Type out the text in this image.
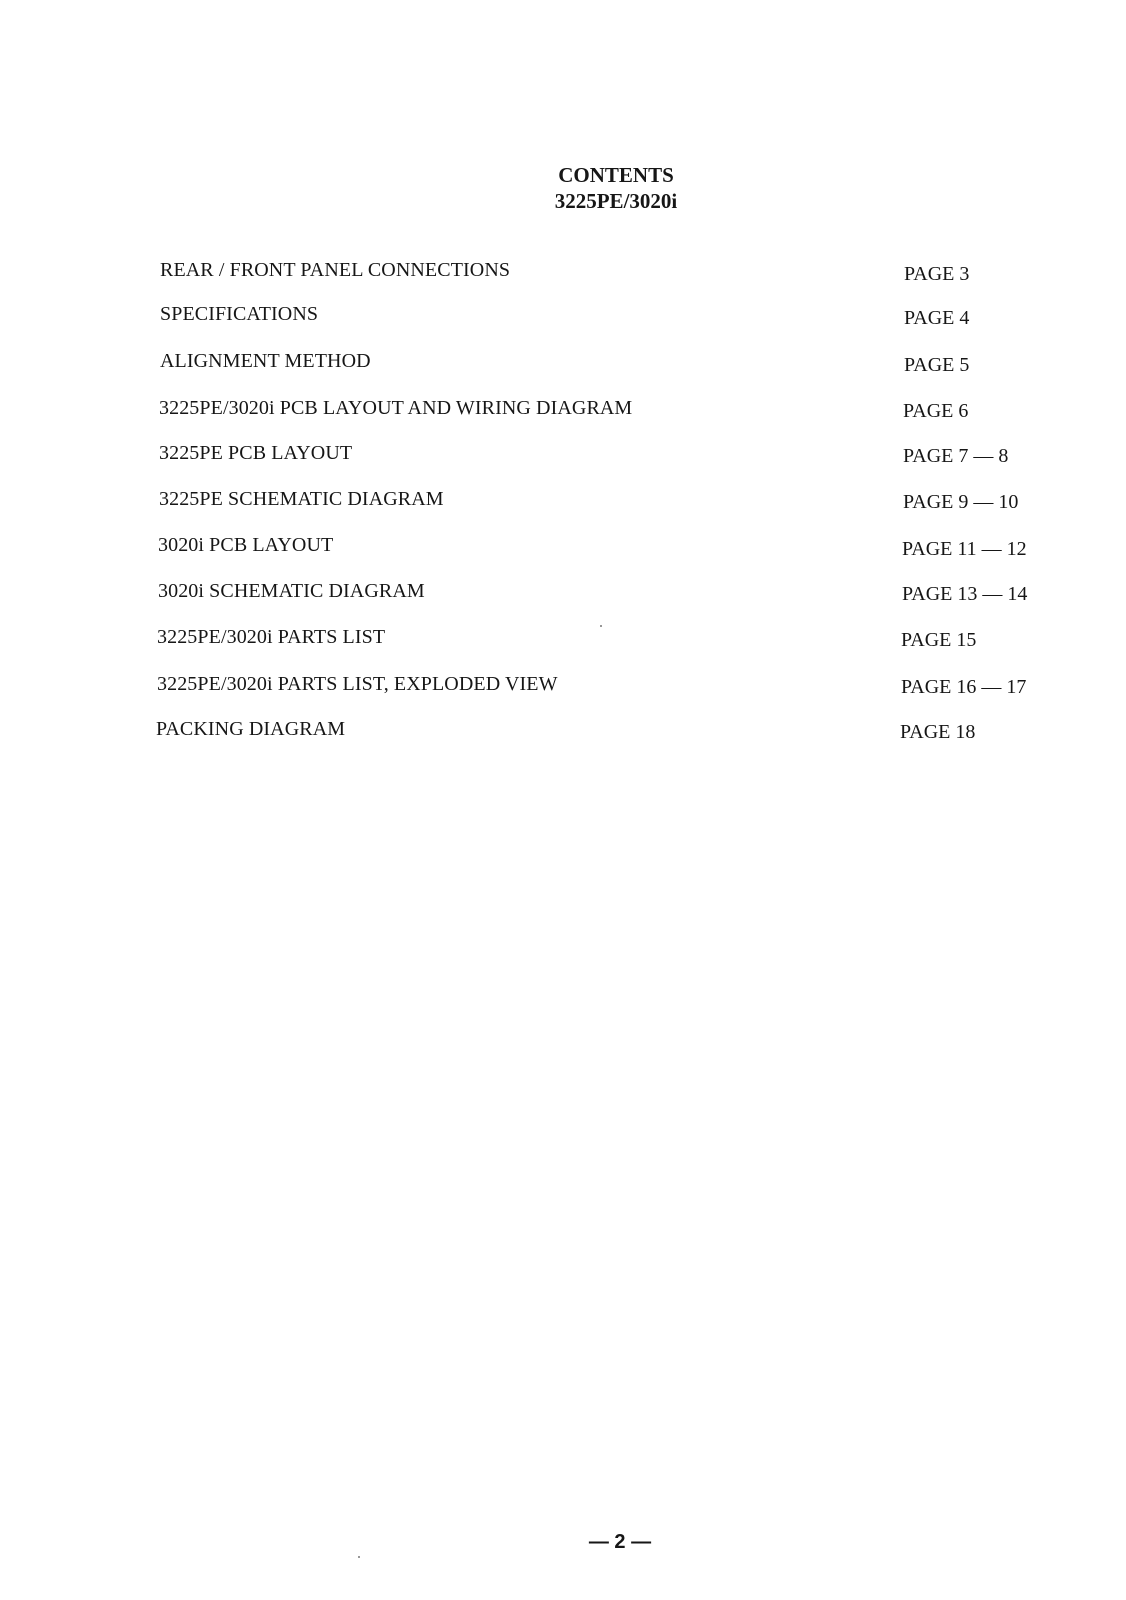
CONTENTS
3225PE/3020i
REAR / FRONT PANEL CONNECTIONS	PAGE 3
SPECIFICATIONS	PAGE 4
ALIGNMENT METHOD	PAGE 5
3225PE/3020i PCB LAYOUT AND WIRING DIAGRAM	PAGE 6
3225PE PCB LAYOUT	PAGE 7 — 8
3225PE SCHEMATIC DIAGRAM	PAGE 9 — 10
3020i PCB LAYOUT	PAGE 11 — 12
3020i SCHEMATIC DIAGRAM	PAGE 13 — 14
3225PE/3020i PARTS LIST	PAGE 15
3225PE/3020i PARTS LIST, EXPLODED VIEW	PAGE 16 — 17
PACKING DIAGRAM	PAGE 18
— 2 —
